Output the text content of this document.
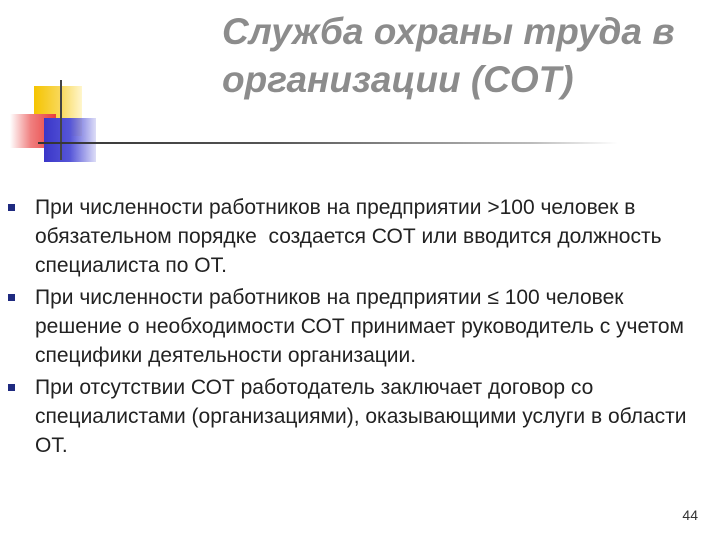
Служба охраны труда в организации (СОТ)
При численности работников на предприятии >100 человек в обязательном порядке  создается СОТ или вводится должность специалиста по ОТ.
При численности работников на предприятии ≤ 100 человек решение о необходимости СОТ принимает руководитель с учетом специфики деятельности организации.
При отсутствии СОТ работодатель заключает договор со специалистами (организациями), оказывающими услуги в области ОТ.
44
